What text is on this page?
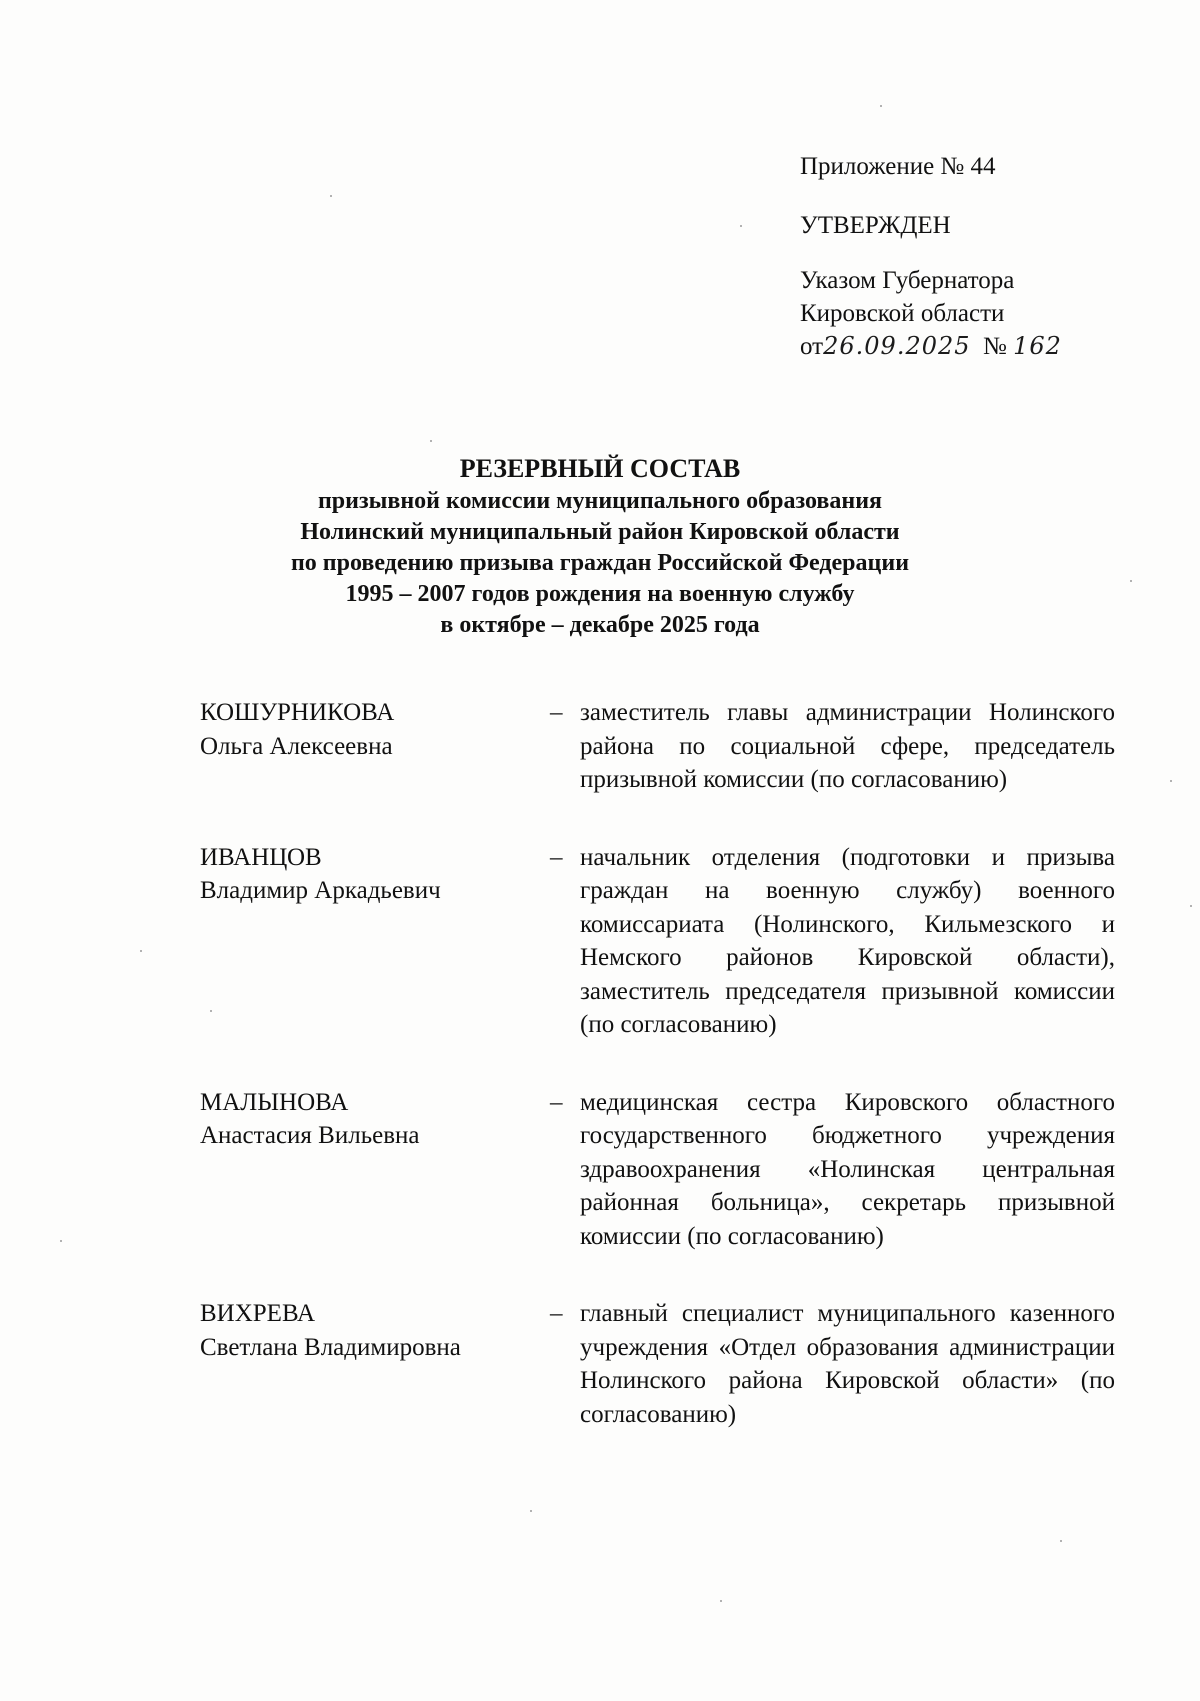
Приложение № 44
УТВЕРЖДЕН
Указом Губернатора
Кировской области
от26.09.2025 № 162
РЕЗЕРВНЫЙ СОСТАВ
призывной комиссии муниципального образования
Нолинский муниципальный район Кировской области
по проведению призыва граждан Российской Федерации
1995 – 2007 годов рождения на военную службу
в октябре – декабре 2025 года
КОШУРНИКОВА
Ольга Алексеевна
– заместитель главы администрации Нолинского района по социальной сфере, председатель призывной комиссии (по согласованию)
ИВАНЦОВ
Владимир Аркадьевич
– начальник отделения (подготовки и призыва граждан на военную службу) военного комиссариата (Нолинского, Кильмезского и Немского районов Кировской области), заместитель председателя призывной комиссии (по согласованию)
МАЛЫНОВА
Анастасия Вильевна
– медицинская сестра Кировского областного государственного бюджетного учреждения здравоохранения «Нолинская центральная районная больница», секретарь призывной комиссии (по согласованию)
ВИХРЕВА
Светлана Владимировна
– главный специалист муниципального казенного учреждения «Отдел образования администрации Нолинского района Кировской области» (по согласованию)
